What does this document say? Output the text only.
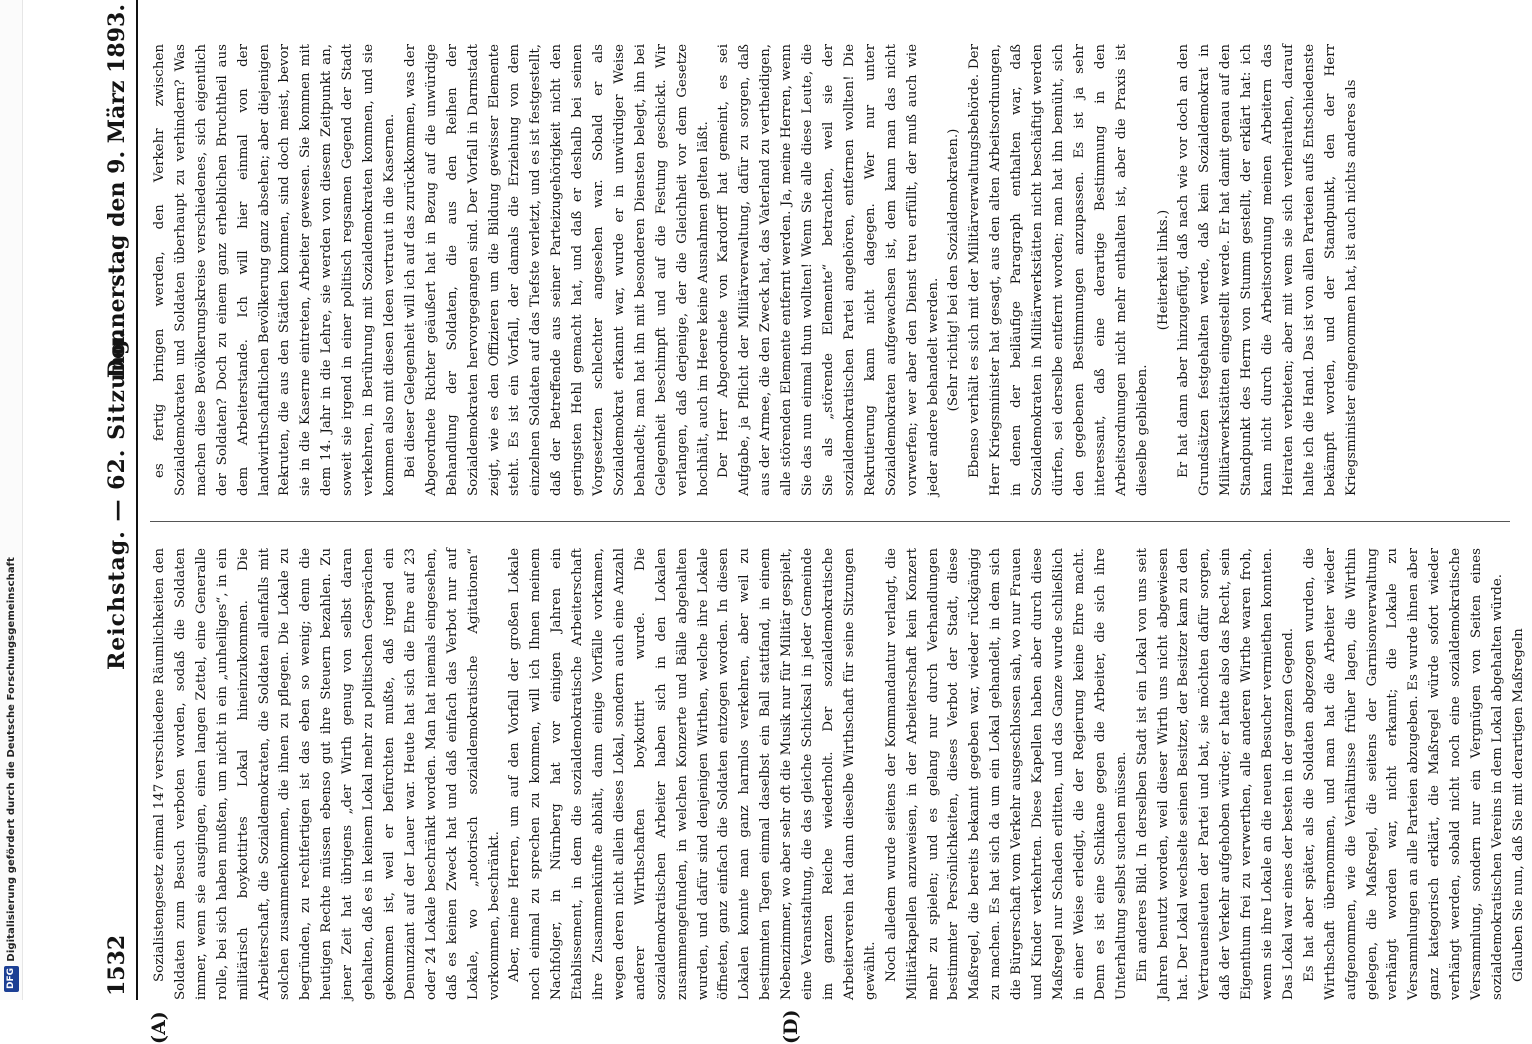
Digitalisierung gefördert durch die Deutsche Forschungsgemeinschaft
DFG	1532
Reichstag. — 62. Sitzung.
Donnerstag den 9. März 1893.
(A)	(D)

Sozialistengesetz einmal 147 verschiedene Räumlichkeiten den Soldaten zum Besuch verboten worden, sodaß die Soldaten immer, wenn sie ausgingen, einen langen Zettel, eine Generalle rolle, bei sich haben mußten, um nicht in ein „unheiliges“, in ein militärisch boykottirtes Lokal hineinzukommen. Die Arbeiterschaft, die Sozialdemokraten, die Soldaten allenfalls mit solchen zusammenkommen, die ihnen zu pflegen. Die Lokale zu begründen, zu rechtfertigen ist das eben so wenig; denn die heutigen Rechte müssen ebenso gut ihre Steuern bezahlen. Zu jener Zeit hat übrigens „der Wirth genug von selbst daran gehalten, daß es in keinem Lokal mehr zu politischen Gesprächen gekommen ist, weil er befürchten mußte, daß irgend ein Denunziant auf der Lauer war. Heute hat sich die Ehre auf 23 oder 24 Lokale beschränkt worden. Man hat niemals eingesehen, daß es keinen Zweck hat und daß einfach das Verbot nur auf Lokale, wo „notorisch sozialdemokratische Agitationen“ vorkommen, beschränkt. Aber, meine Herren, um auf den Vorfall der großen Lokale noch einmal zu sprechen zu kommen, will ich Ihnen meinem Nachfolger, in Nürnberg hat vor einigen Jahren ein Etablissement, in dem die sozialdemokratische Arbeiterschaft ihre Zusammenkünfte abhält, dann einige Vorfälle vorkamen, wegen deren nicht allein dieses Lokal, sondern auch eine Anzahl anderer Wirthschaften boykottirt wurde. Die sozialdemokratischen Arbeiter haben sich in den Lokalen zusammengefunden, in welchen Konzerte und Bälle abgehalten wurden, und dafür sind denjenigen Wirthen, welche ihre Lokale öffneten, ganz einfach die Soldaten entzogen worden. In diesen Lokalen konnte man ganz harmlos verkehren, aber weil zu bestimmten Tagen einmal daselbst ein Ball stattfand, in einem Nebenzimmer, wo aber sehr oft die Musik nur für Militär gespielt, eine Veranstaltung, die das gleiche Schicksal in jeder Gemeinde im ganzen Reiche wiederholt. Der sozialdemokratische Arbeiterverein hat dann dieselbe Wirthschaft für seine Sitzungen gewählt. Noch alledem wurde seitens der Kommandantur verlangt, die Militärkapellen anzuweisen, in der Arbeiterschaft kein Konzert mehr zu spielen; und es gelang nur durch Verhandlungen bestimmter Persönlichkeiten, dieses Verbot der Stadt, diese Maßregel, die bereits bekannt gegeben war, wieder rückgängig zu machen. Es hat sich da um ein Lokal gehandelt, in dem sich die Bürgerschaft vom Verkehr ausgeschlossen sah, wo nur Frauen und Kinder verkehrten. Diese Kapellen haben aber durch diese Maßregel nur Schaden erlitten, und das Ganze wurde schließlich in einer Weise erledigt, die der Regierung keine Ehre macht. Denn es ist eine Schikane gegen die Arbeiter, die sich ihre Unterhaltung selbst suchen müssen. Ein anderes Bild. In derselben Stadt ist ein Lokal von uns seit Jahren benutzt worden, weil dieser Wirth uns nicht abgewiesen hat. Der Lokal wechselte seinen Besitzer, der Besitzer kam zu den Vertrauensleuten der Partei und bat, sie möchten dafür sorgen, daß der Verkehr aufgehoben würde; er hatte also das Recht, sein Eigenthum frei zu verwerthen, alle anderen Wirthe waren froh, wenn sie ihre Lokale an die neuen Besucher vermiethen konnten. Das Lokal war eines der besten in der ganzen Gegend. Es hat aber später, als die Soldaten abgezogen wurden, die Wirthschaft übernommen, und man hat die Arbeiter wieder aufgenommen, wie die Verhältnisse früher lagen, die Wirthin gelegen, die Maßregel, die seitens der Garnisonverwaltung verhängt worden war, nicht erkannt; die Lokale zu Versammlungen an alle Parteien abzugeben. Es wurde ihnen aber ganz kategorisch erklärt, die Maßregel würde sofort wieder verhängt werden, sobald nicht noch eine sozialdemokratische Versammlung, sondern nur ein Vergnügen von Seiten eines sozialdemokratischen Vereins in dem Lokal abgehalten würde. Glauben Sie nun, daß Sie mit derartigen Maßregeln

es fertig bringen werden, den Verkehr zwischen Sozialdemokraten und Soldaten überhaupt zu verhindern? Was machen diese Bevölkerungskreise verschiedenes, sich eigentlich der Soldaten? Doch zu einem ganz erheblichen Bruchtheil aus dem Arbeiterstande. Ich will hier einmal von der landwirthschaftlichen Bevölkerung ganz absehen; aber diejenigen Rekruten, die aus den Städten kommen, sind doch meist, bevor sie in die Kaserne eintreten, Arbeiter gewesen. Sie kommen mit dem 14. Jahr in die Lehre, sie werden von diesem Zeitpunkt an, soweit sie irgend in einer politisch regsamen Gegend der Stadt verkehren, in Berührung mit Sozialdemokraten kommen, und sie kommen also mit diesen Ideen vertraut in die Kasernen. Bei dieser Gelegenheit will ich auf das zurückkommen, was der Abgeordnete Richter geäußert hat in Bezug auf die unwürdige Behandlung der Soldaten, die aus den Reihen der Sozialdemokraten hervorgegangen sind. Der Vorfall in Darmstadt zeigt, wie es den Offizieren um die Bildung gewisser Elemente steht. Es ist ein Vorfall, der damals die Erziehung von dem einzelnen Soldaten auf das Tiefste verletzt, und es ist festgestellt, daß der Betreffende aus seiner Parteizugehörigkeit nicht den geringsten Hehl gemacht hat, und daß er deshalb bei seinen Vorgesetzten schlechter angesehen war. Sobald er als Sozialdemokrat erkannt war, wurde er in unwürdiger Weise behandelt; man hat ihn mit besonderen Diensten belegt, ihn bei Gelegenheit beschimpft und auf die Festung geschickt. Wir verlangen, daß derjenige, der die Gleichheit vor dem Gesetze hochhält, auch im Heere keine Ausnahmen gelten läßt. Der Herr Abgeordnete von Kardorff hat gemeint, es sei Aufgabe, ja Pflicht der Militärverwaltung, dafür zu sorgen, daß aus der Armee, die den Zweck hat, das Vaterland zu vertheidigen, alle störenden Elemente entfernt werden. Ja, meine Herren, wenn Sie das nun einmal thun wollten! Wenn Sie alle diese Leute, die Sie als „störende Elemente“ betrachten, weil sie der sozialdemokratischen Partei angehören, entfernen wollten! Die Rekrutierung kann nicht dagegen. Wer nur unter Sozialdemokraten aufgewachsen ist, dem kann man das nicht vorwerfen; wer aber den Dienst treu erfüllt, der muß auch wie jeder andere behandelt werden. (Sehr richtig! bei den Sozialdemokraten.) Ebenso verhält es sich mit der Militärverwaltungsbehörde. Der Herr Kriegsminister hat gesagt, aus den alten Arbeitsordnungen, in denen der beiläufige Paragraph enthalten war, daß Sozialdemokraten in Militärwerkstätten nicht beschäftigt werden dürfen, sei derselbe entfernt worden; man hat ihn bemüht, sich den gegebenen Bestimmungen anzupassen. Es ist ja sehr interessant, daß eine derartige Bestimmung in den Arbeitsordnungen nicht mehr enthalten ist, aber die Praxis ist dieselbe geblieben.

(Heiterkeit links.) Er hat dann aber hinzugefügt, daß nach wie vor doch an den Grundsätzen festgehalten werde, daß kein Sozialdemokrat in Militärwerkstätten eingestellt werde. Er hat damit genau auf den Standpunkt des Herrn von Stumm gestellt, der erklärt hat: ich kann nicht durch die Arbeitsordnung meinen Arbeitern das Heiraten verbieten; aber mit wem sie sich verheirathen, darauf halte ich die Hand. Das ist von allen Parteien aufs Entschiedenste bekämpft worden, und der Standpunkt, den der Herr Kriegsminister eingenommen hat, ist auch nichts anderes als
